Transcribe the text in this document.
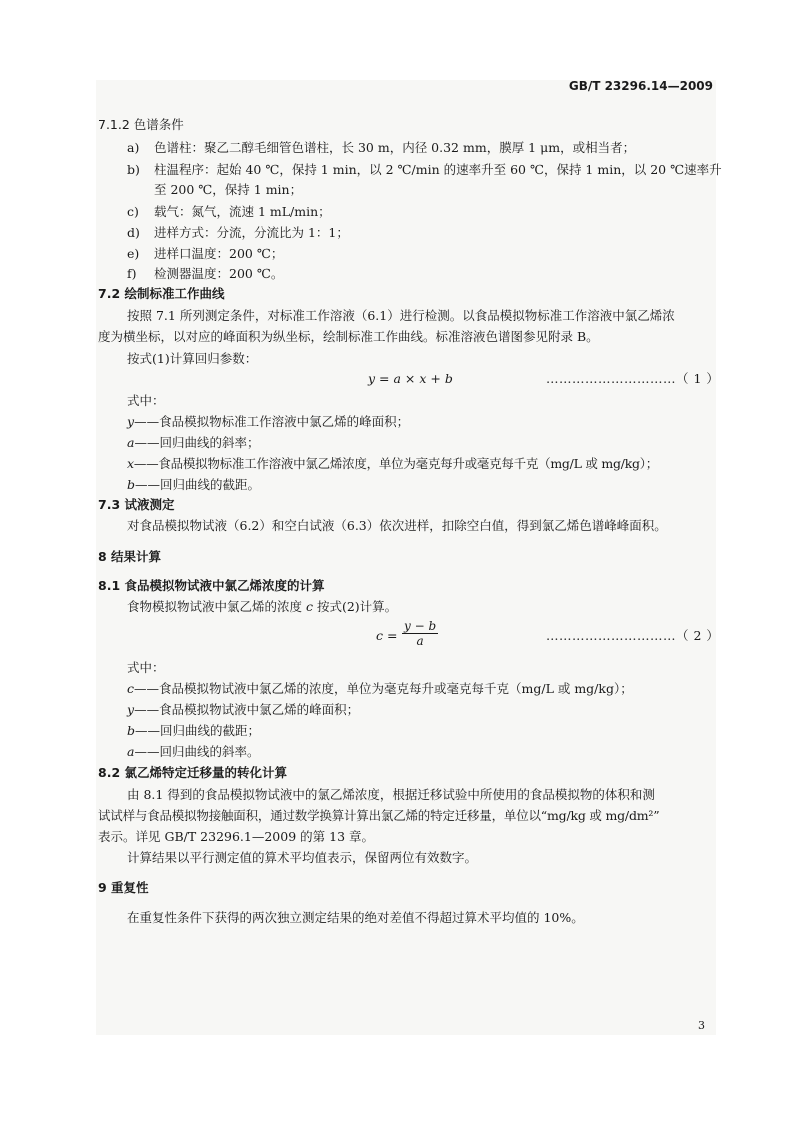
GB/T 23296.14—2009
7.1.2 色谱条件
a) 色谱柱：聚乙二醇毛细管色谱柱，长 30 m，内径 0.32 mm，膜厚 1 μm，或相当者；
b) 柱温程序：起始 40 ℃，保持 1 min，以 2 ℃/min 的速率升至 60 ℃，保持 1 min，以 20 ℃速率升
至 200 ℃，保持 1 min；
c) 载气：氮气，流速 1 mL/min；
d) 进样方式：分流，分流比为 1：1；
e) 进样口温度：200 ℃；
f) 检测器温度：200 ℃。
7.2 绘制标准工作曲线
按照 7.1 所列测定条件，对标准工作溶液（6.1）进行检测。以食品模拟物标准工作溶液中氯乙烯浓
度为横坐标，以对应的峰面积为纵坐标，绘制标准工作曲线。标准溶液色谱图参见附录 B。
按式(1)计算回归参数：
y = a × x + b	…………………………（ 1 ）
式中：
y——食品模拟物标准工作溶液中氯乙烯的峰面积；
a——回归曲线的斜率；
x——食品模拟物标准工作溶液中氯乙烯浓度，单位为毫克每升或毫克每千克（mg/L 或 mg/kg）；
b——回归曲线的截距。
7.3 试液测定
对食品模拟物试液（6.2）和空白试液（6.3）依次进样，扣除空白值，得到氯乙烯色谱峰峰面积。
8 结果计算
8.1 食品模拟物试液中氯乙烯浓度的计算
食物模拟物试液中氯乙烯的浓度 c 按式(2)计算。
$c = \frac{y - b}{a}$	…………………………（ 2 ）
式中：
c——食品模拟物试液中氯乙烯的浓度，单位为毫克每升或毫克每千克（mg/L 或 mg/kg）；
y——食品模拟物试液中氯乙烯的峰面积；
b——回归曲线的截距；
a——回归曲线的斜率。
8.2 氯乙烯特定迁移量的转化计算
由 8.1 得到的食品模拟物试液中的氯乙烯浓度，根据迁移试验中所使用的食品模拟物的体积和测
试试样与食品模拟物接触面积，通过数学换算计算出氯乙烯的特定迁移量，单位以“mg/kg 或 mg/dm²”
表示。详见 GB/T 23296.1—2009 的第 13 章。
计算结果以平行测定值的算术平均值表示，保留两位有效数字。
9 重复性
在重复性条件下获得的两次独立测定结果的绝对差值不得超过算术平均值的 10%。
3
